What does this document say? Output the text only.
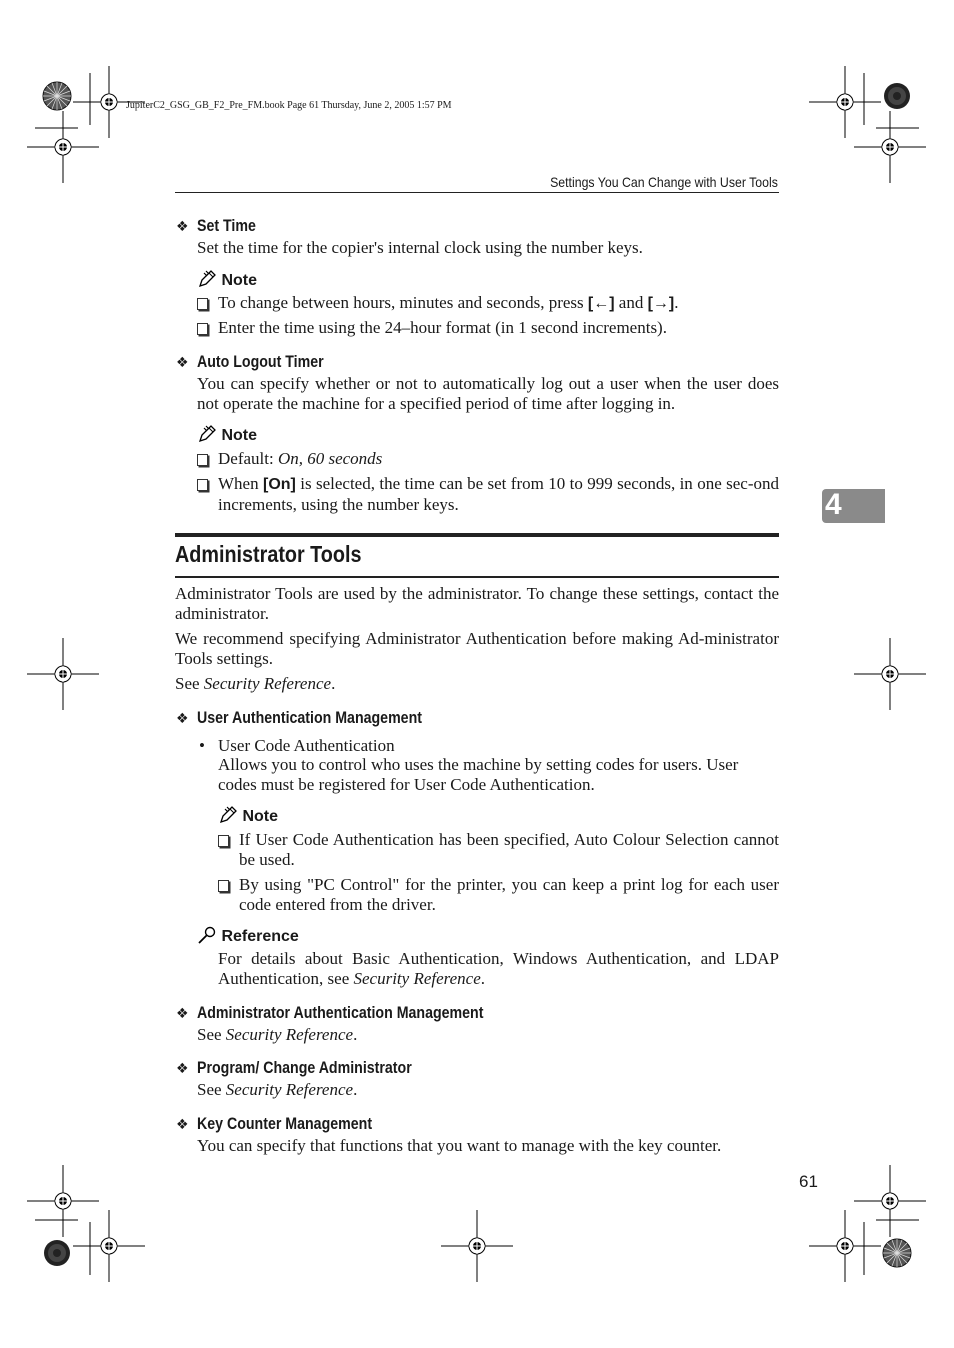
JupiterC2_GSG_GB_F2_Pre_FM.book Page 61 Thursday, June 2, 2005 1:57 PM
Settings You Can Change with User Tools
4
❖ Set Time
Set the time for the copier's internal clock using the number keys.
Note
To change between hours, minutes and seconds, press [←] and [→].
Enter the time using the 24–hour format (in 1 second increments).
❖ Auto Logout Timer
You can specify whether or not to automatically log out a user when the user does not operate the machine for a specified period of time after logging in.
Note
Default: On, 60 seconds
When [On] is selected, the time can be set from 10 to 999 seconds, in one sec-ond increments, using the number keys.
Administrator Tools
Administrator Tools are used by the administrator. To change these settings, contact the administrator.
We recommend specifying Administrator Authentication before making Ad-ministrator Tools settings.
See Security Reference.
❖ User Authentication Management
• User Code Authentication
Allows you to control who uses the machine by setting codes for users. User codes must be registered for User Code Authentication.
Note
If User Code Authentication has been specified, Auto Colour Selection cannot be used.
By using "PC Control" for the printer, you can keep a print log for each user code entered from the driver.
Reference
For details about Basic Authentication, Windows Authentication, and LDAP Authentication, see Security Reference.
❖ Administrator Authentication Management
See Security Reference.
❖ Program/ Change Administrator
See Security Reference.
❖ Key Counter Management
You can specify that functions that you want to manage with the key counter.
61
